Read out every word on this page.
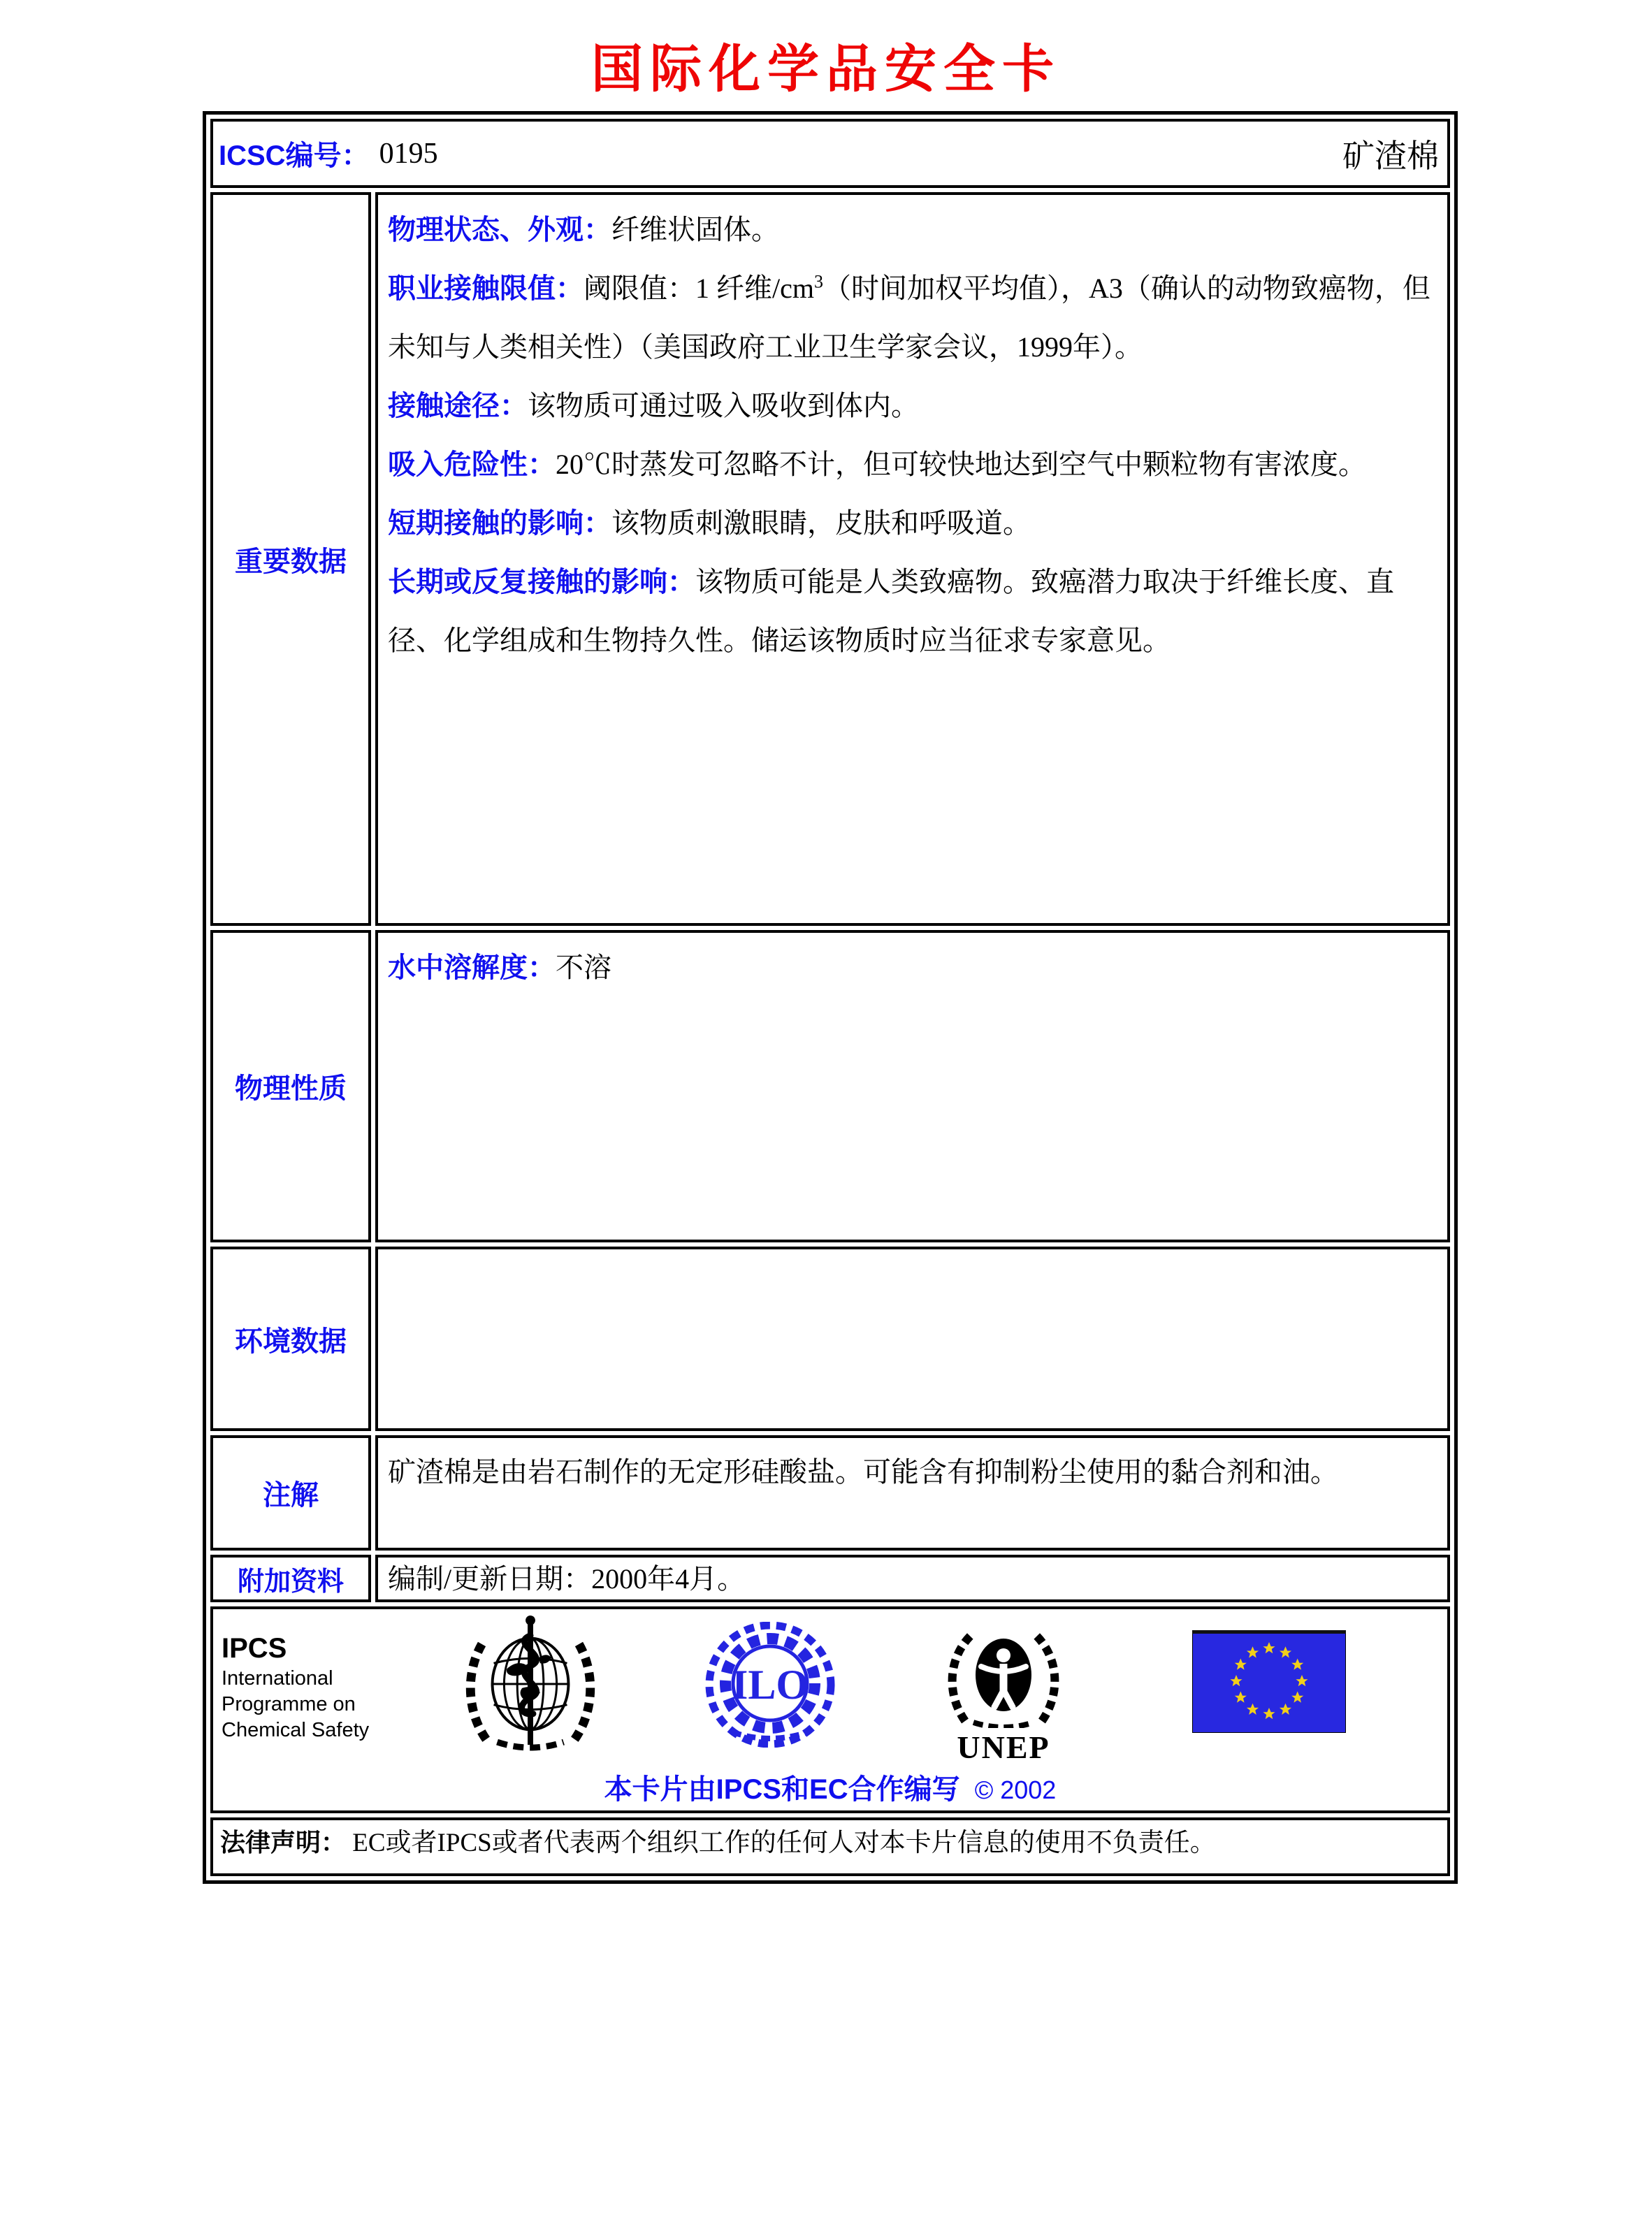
国际化学品安全卡
ICSC编号： 0195	矿渣棉
重要数据
物理状态、外观：纤维状固体。
职业接触限值：阈限值：1 纤维$/cm^3$（时间加权平均值），A3（确认的动物致癌物，但未知与人类相关性）（美国政府工业卫生学家会议，1999年）。
接触途径：该物质可通过吸入吸收到体内。
吸入危险性：20℃时蒸发可忽略不计，但可较快地达到空气中颗粒物有害浓度。
短期接触的影响：该物质刺激眼睛，皮肤和呼吸道。
长期或反复接触的影响：该物质可能是人类致癌物。致癌潜力取决于纤维长度、直径、化学组成和生物持久性。储运该物质时应当征求专家意见。
物理性质
水中溶解度：不溶
环境数据
注解
矿渣棉是由岩石制作的无定形硅酸盐。可能含有抑制粉尘使用的黏合剂和油。
附加资料	编制/更新日期：2000年4月。
IPCS
International
Programme on
Chemical Safety
ILO
UNEP
本卡片由IPCS和EC合作编写 © 2002
法律声明： EC或者IPCS或者代表两个组织工作的任何人对本卡片信息的使用不负责任。
